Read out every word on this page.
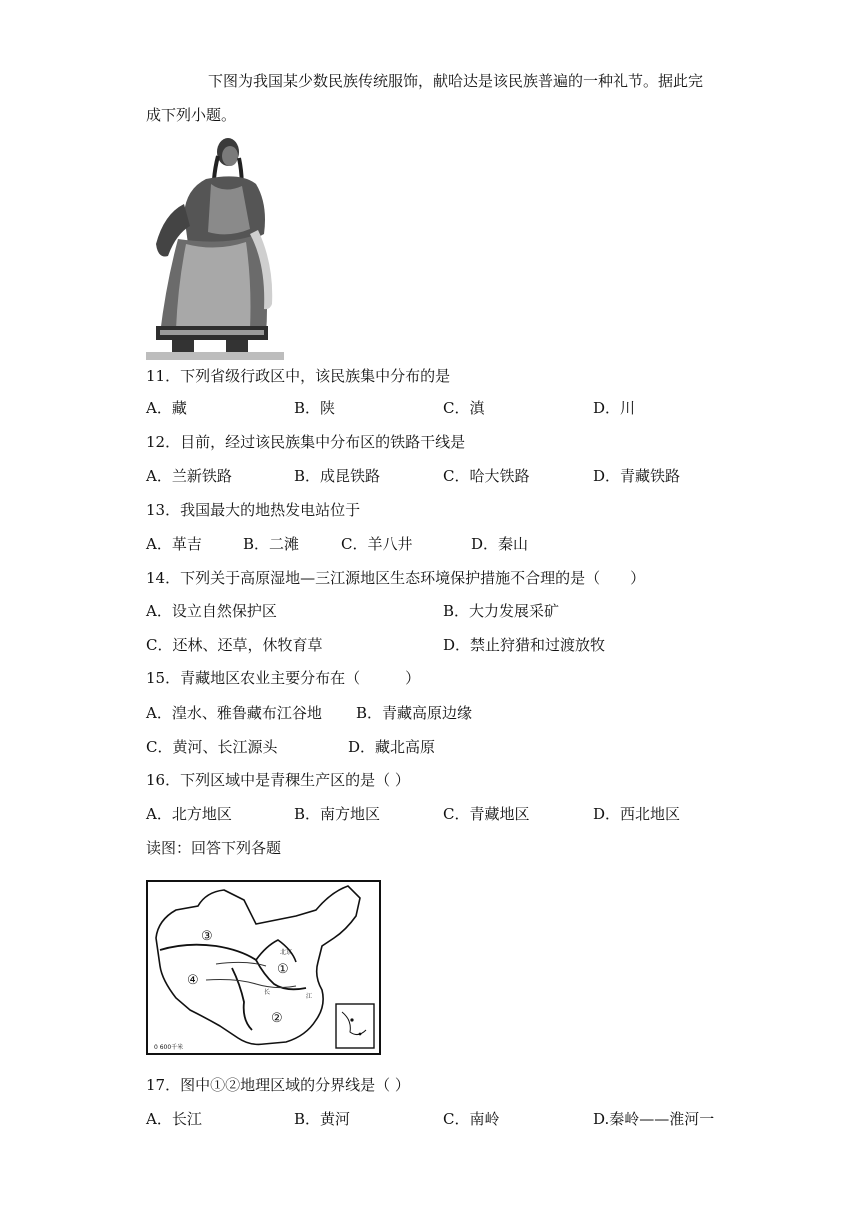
下图为我国某少数民族传统服饰，献哈达是该民族普遍的一种礼节。据此完
成下列小题。
11．下列省级行政区中，该民族集中分布的是
A．藏	B．陕	C．滇	D．川
12．目前，经过该民族集中分布区的铁路干线是
A．兰新铁路	B．成昆铁路	C．哈大铁路	D．青藏铁路
13．我国最大的地热发电站位于
A．革吉	B．二滩	C．羊八井	D．秦山
14．下列关于高原湿地—三江源地区生态环境保护措施不合理的是（　　）
A．设立自然保护区	B．大力发展采矿
C．还林、还草，休牧育草	D．禁止狩猎和过渡放牧
15．青藏地区农业主要分布在（　　　）
A．湟水、雅鲁藏布江谷地 B．青藏高原边缘
C．黄河、长江源头	D．藏北高原
16．下列区域中是青稞生产区的是（ ）
A．北方地区	B．南方地区	C．青藏地区	D．西北地区
读图：回答下列各题
①
②
③
④
北京
长
江
0 600千米
17．图中①②地理区域的分界线是（ ）
A．长江	B．黄河	C．南岭	D.秦岭——淮河一
